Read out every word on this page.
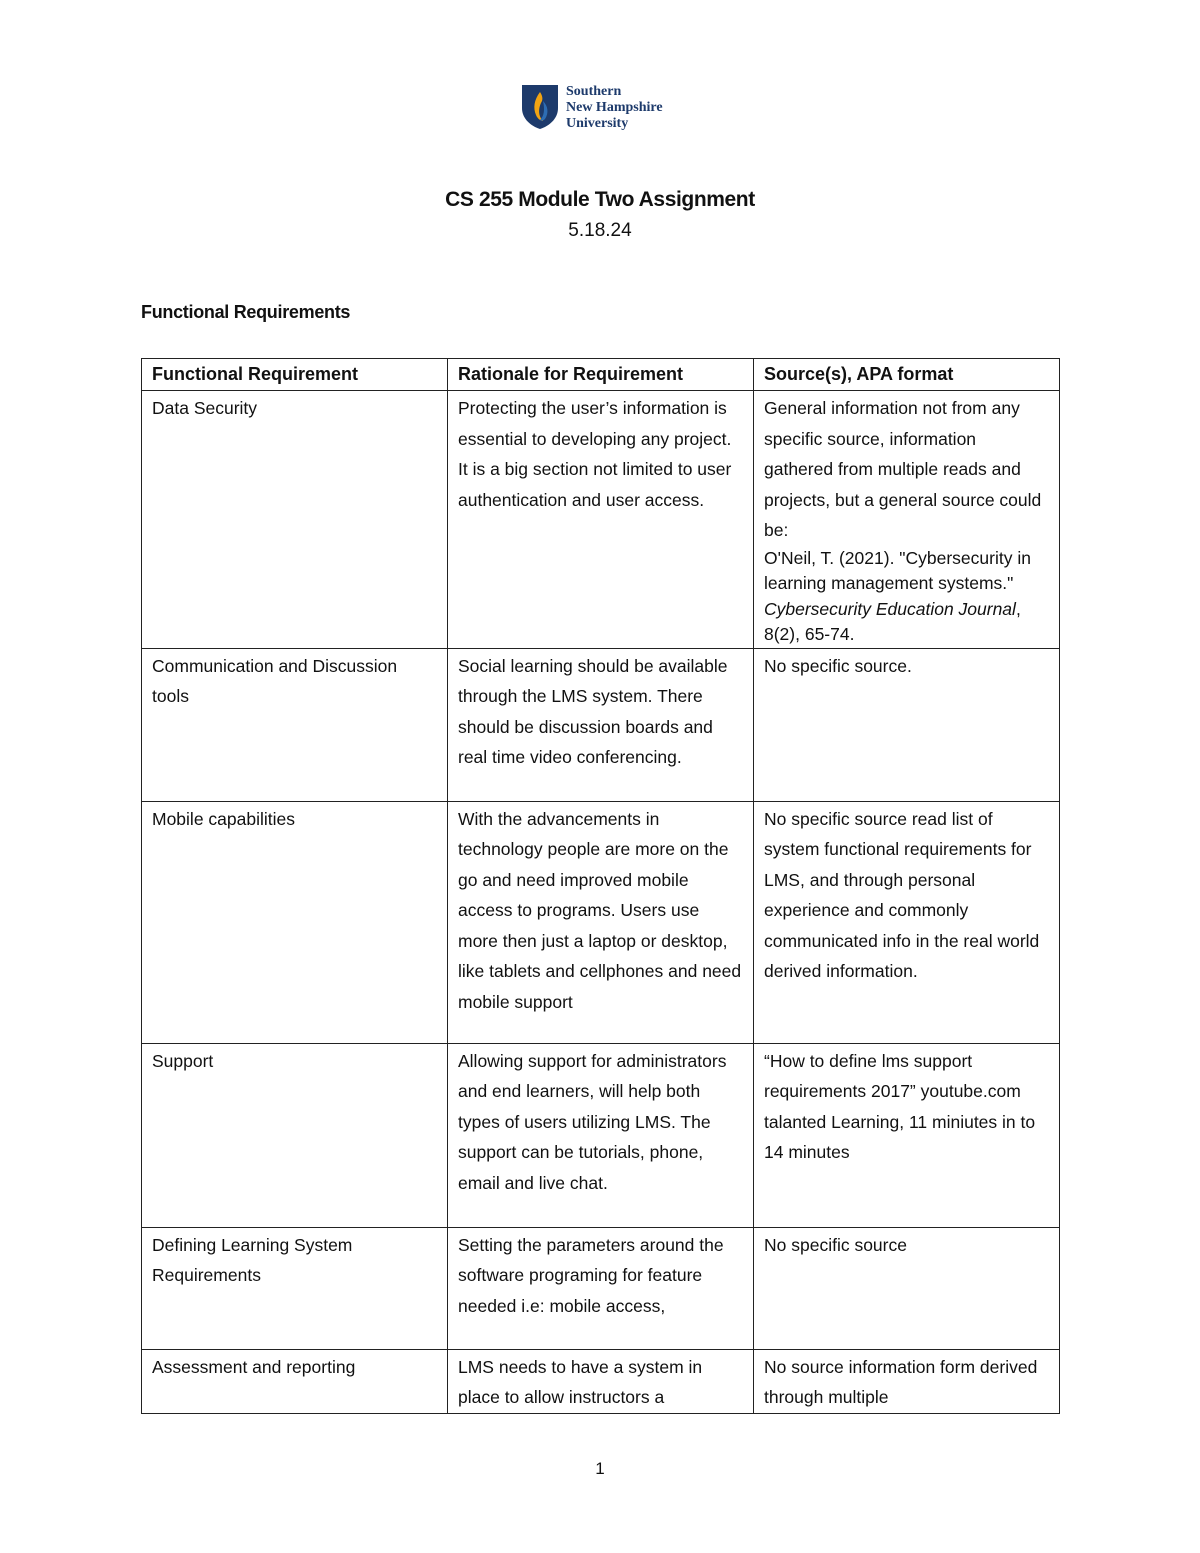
Southern
New Hampshire
University
CS 255 Module Two Assignment
5.18.24
Functional Requirements
Functional Requirement	Rationale for Requirement	Source(s), APA format
Data Security	Protecting the user’s information is essential to developing any project. It is a big section not limited to user authentication and user access.	General information not from any specific source, information gathered from multiple reads and projects, but a general source could be:
O'Neil, T. (2021). "Cybersecurity in learning management systems." Cybersecurity Education Journal, 8(2), 65-74.

Communication and Discussion tools	Social learning should be available through the LMS system. There should be discussion boards and real time video conferencing.	No specific source.
Mobile capabilities	With the advancements in technology people are more on the go and need improved mobile access to programs. Users use more then just a laptop or desktop, like tablets and cellphones and need mobile support	No specific source read list of system functional requirements for LMS, and through personal experience and commonly communicated info in the real world derived information.
Support	Allowing support for administrators and end learners, will help both types of users utilizing LMS. The support can be tutorials, phone, email and live chat.	“How to define lms support requirements 2017” youtube.com talanted Learning, 11 miniutes in to 14 minutes
Defining Learning System Requirements	Setting the parameters around the software programing for feature needed i.e: mobile access,	No specific source
Assessment and reporting	LMS needs to have a system in place to allow instructors a	No source information form derived through multiple
1
